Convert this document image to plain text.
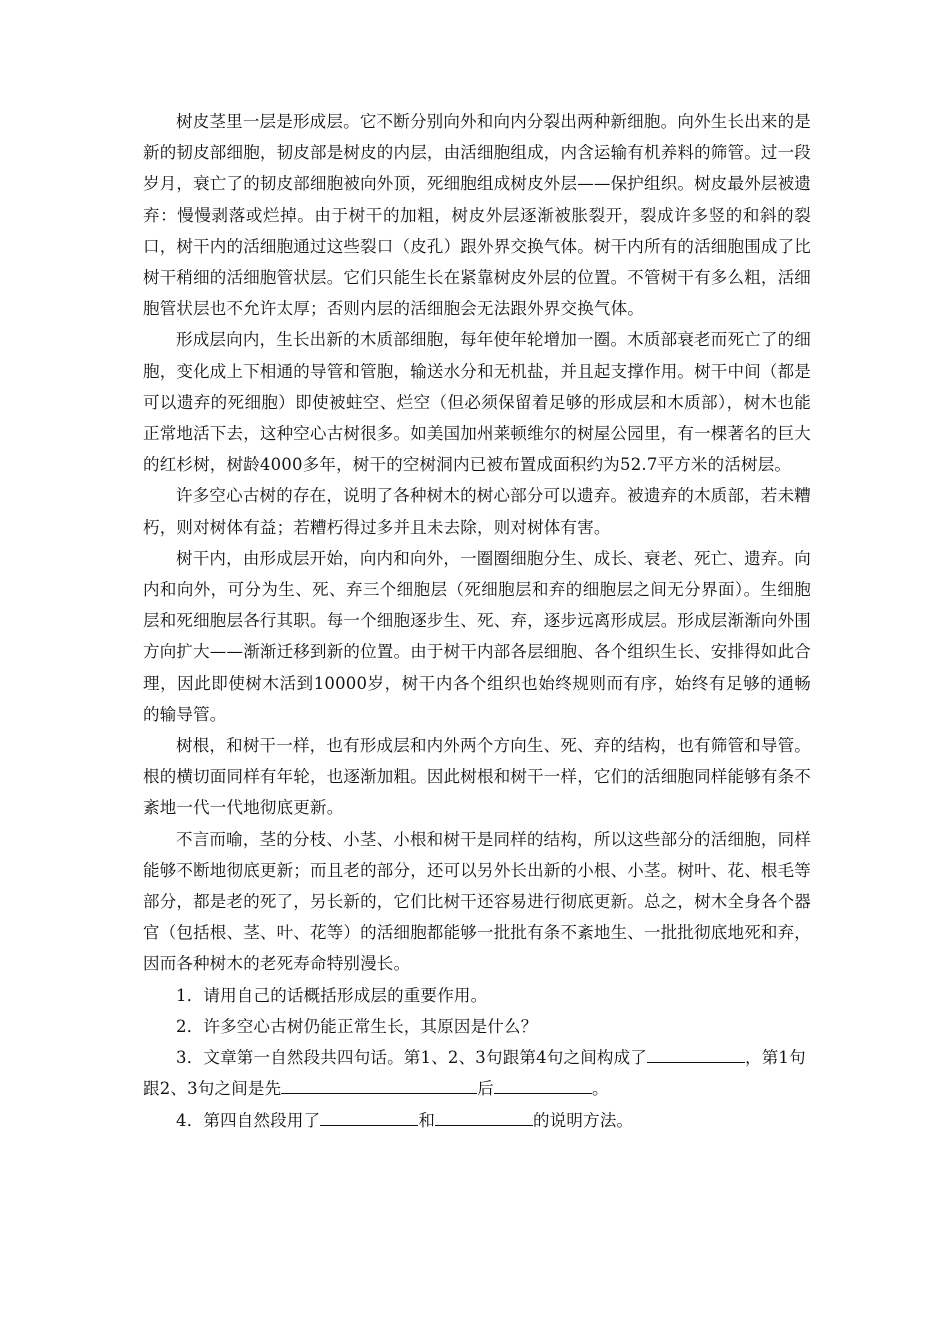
树皮茎里一层是形成层。它不断分别向外和向内分裂出两种新细胞。向外生长出来的是新的韧皮部细胞，韧皮部是树皮的内层，由活细胞组成，内含运输有机养料的筛管。过一段岁月，衰亡了的韧皮部细胞被向外顶，死细胞组成树皮外层——保护组织。树皮最外层被遗弃：慢慢剥落或烂掉。由于树干的加粗，树皮外层逐渐被胀裂开，裂成许多竖的和斜的裂口，树干内的活细胞通过这些裂口（皮孔）跟外界交换气体。树干内所有的活细胞围成了比树干稍细的活细胞管状层。它们只能生长在紧靠树皮外层的位置。不管树干有多么粗，活细胞管状层也不允许太厚；否则内层的活细胞会无法跟外界交换气体。

形成层向内，生长出新的木质部细胞，每年使年轮增加一圈。木质部衰老而死亡了的细胞，变化成上下相通的导管和管胞，输送水分和无机盐，并且起支撑作用。树干中间（都是可以遗弃的死细胞）即使被蛀空、烂空（但必须保留着足够的形成层和木质部），树木也能正常地活下去，这种空心古树很多。如美国加州莱顿维尔的树屋公园里，有一棵著名的巨大的红杉树，树龄4000多年，树干的空树洞内已被布置成面积约为52.7平方米的活树层。

许多空心古树的存在，说明了各种树木的树心部分可以遗弃。被遗弃的木质部，若未糟朽，则对树体有益；若糟朽得过多并且未去除，则对树体有害。

树干内，由形成层开始，向内和向外，一圈圈细胞分生、成长、衰老、死亡、遗弃。向内和向外，可分为生、死、弃三个细胞层（死细胞层和弃的细胞层之间无分界面）。生细胞层和死细胞层各行其职。每一个细胞逐步生、死、弃，逐步远离形成层。形成层渐渐向外围方向扩大——渐渐迁移到新的位置。由于树干内部各层细胞、各个组织生长、安排得如此合理，因此即使树木活到10000岁，树干内各个组织也始终规则而有序，始终有足够的通畅的输导管。

树根，和树干一样，也有形成层和内外两个方向生、死、弃的结构，也有筛管和导管。根的横切面同样有年轮，也逐渐加粗。因此树根和树干一样，它们的活细胞同样能够有条不紊地一代一代地彻底更新。

不言而喻，茎的分枝、小茎、小根和树干是同样的结构，所以这些部分的活细胞，同样能够不断地彻底更新；而且老的部分，还可以另外长出新的小根、小茎。树叶、花、根毛等部分，都是老的死了，另长新的，它们比树干还容易进行彻底更新。总之，树木全身各个器官（包括根、茎、叶、花等）的活细胞都能够一批批有条不紊地生、一批批彻底地死和弃，因而各种树木的老死寿命特别漫长。

1．请用自己的话概括形成层的重要作用。

2．许多空心古树仍能正常生长，其原因是什么？

3．文章第一自然段共四句话。第1、2、3句跟第4句之间构成了	，第1句跟2、3句之间是先	后	。

4．第四自然段用了	和	的说明方法。
